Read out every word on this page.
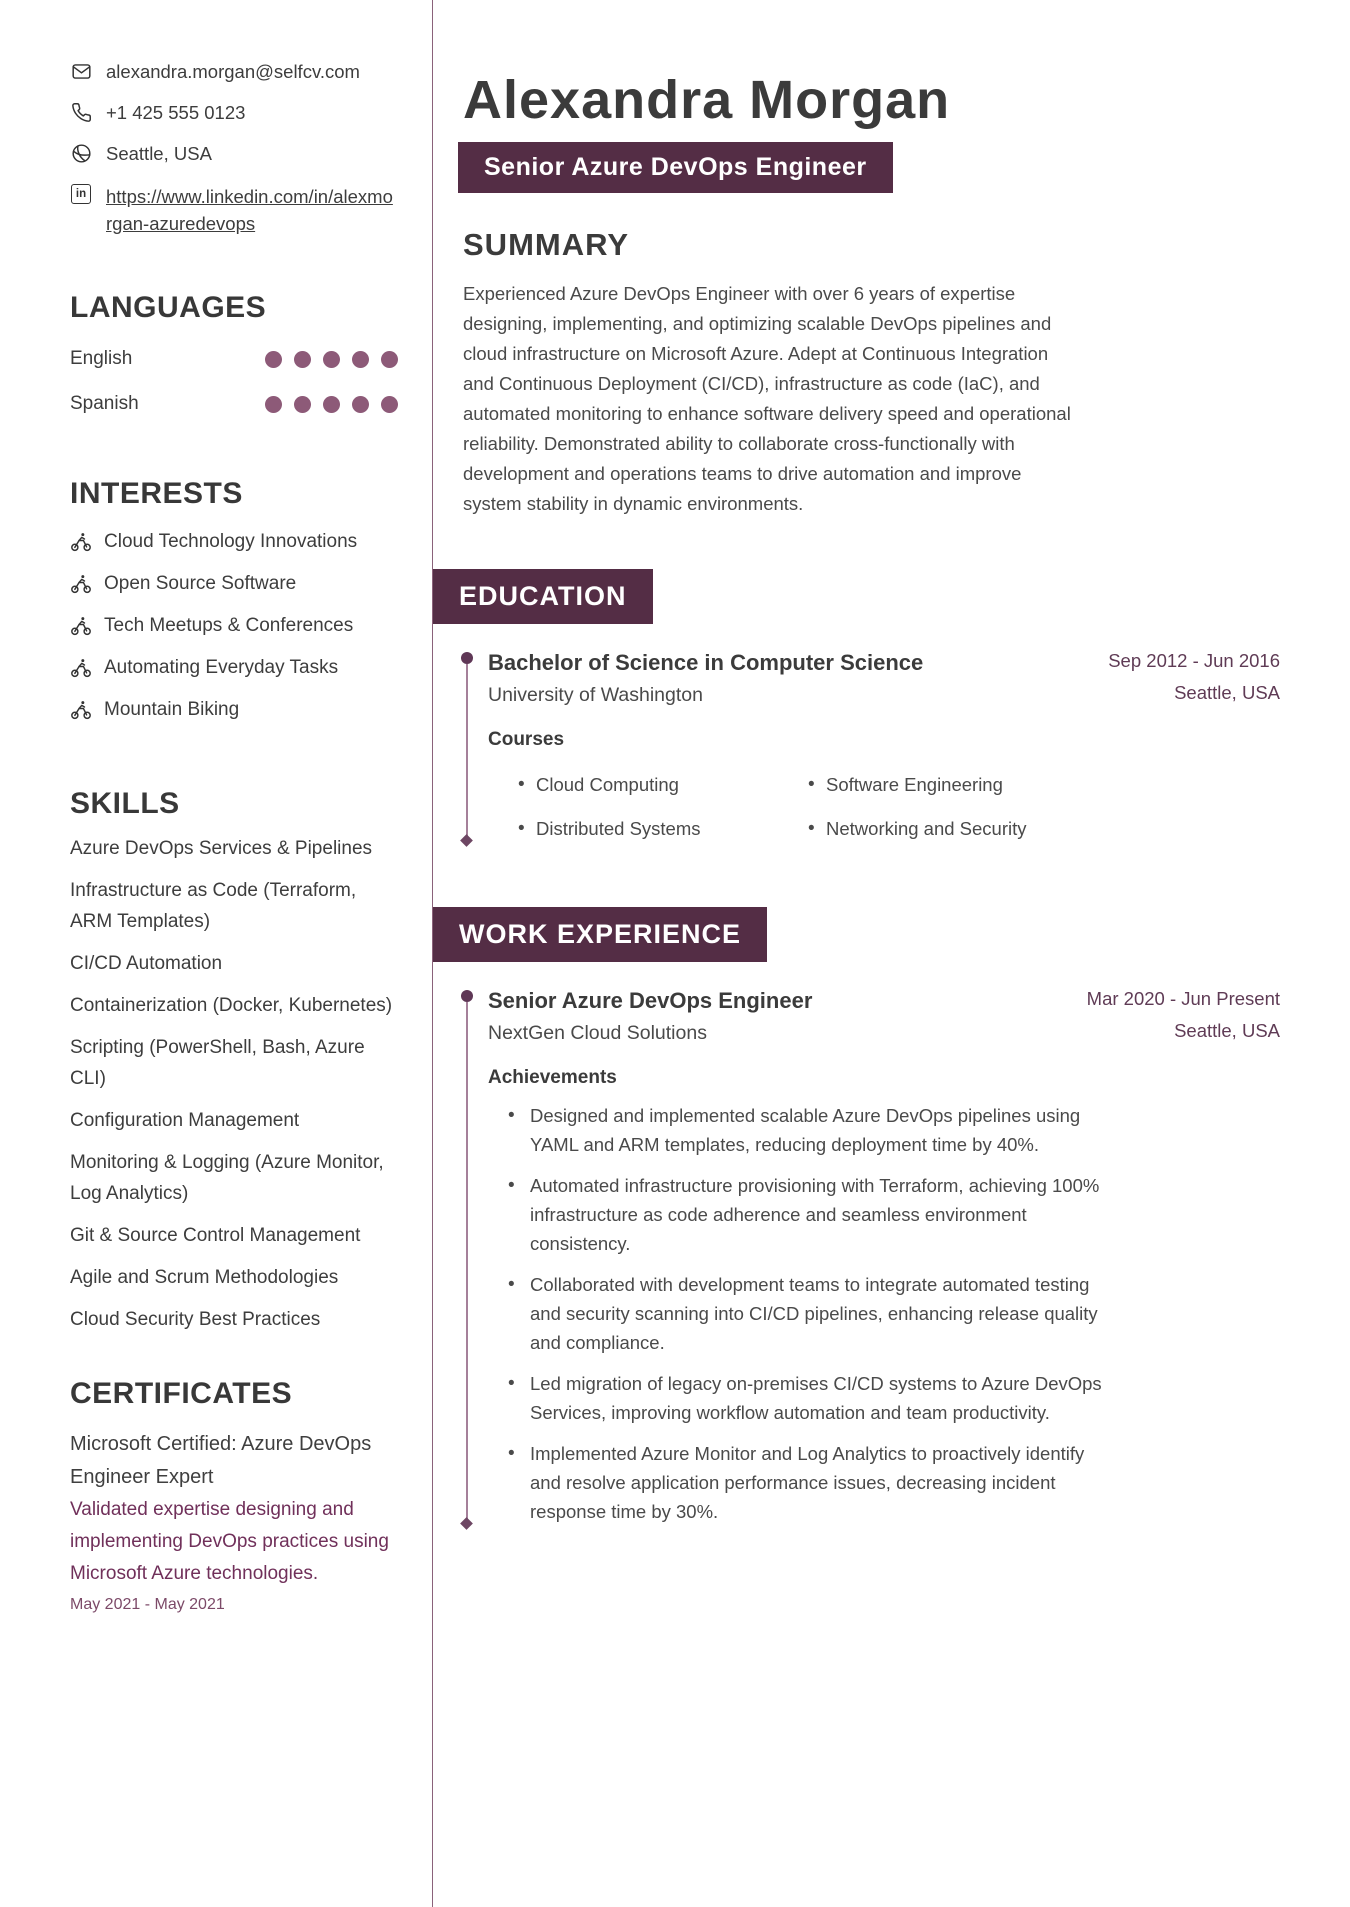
alexandra.morgan@selfcv.com
+1 425 555 0123
Seattle, USA
in https://www.linkedin.com/in/alexmorgan-azuredevops
LANGUAGES
English
Spanish
INTERESTS
Cloud Technology Innovations
Open Source Software
Tech Meetups & Conferences
Automating Everyday Tasks
Mountain Biking
SKILLS
Azure DevOps Services & Pipelines
Infrastructure as Code (Terraform, ARM Templates)
CI/CD Automation
Containerization (Docker, Kubernetes)
Scripting (PowerShell, Bash, Azure CLI)
Configuration Management
Monitoring & Logging (Azure Monitor, Log Analytics)
Git & Source Control Management
Agile and Scrum Methodologies
Cloud Security Best Practices
CERTIFICATES
Microsoft Certified: Azure DevOps Engineer Expert
Validated expertise designing and implementing DevOps practices using Microsoft Azure technologies.
May 2021 - May 2021
Alexandra Morgan
Senior Azure DevOps Engineer
SUMMARY

Experienced Azure DevOps Engineer with over 6 years of expertise designing, implementing, and optimizing scalable DevOps pipelines and cloud infrastructure on Microsoft Azure. Adept at Continuous Integration and Continuous Deployment (CI/CD), infrastructure as code (IaC), and automated monitoring to enhance software delivery speed and operational reliability. Demonstrated ability to collaborate cross-functionally with development and operations teams to drive automation and improve system stability in dynamic environments.

EDUCATION
Bachelor of Science in Computer Science
University of Washington
Sep 2012 - Jun 2016
Seattle, USA
Courses
• Cloud Computing	• Software Engineering
• Distributed Systems	• Networking and Security
WORK EXPERIENCE
Senior Azure DevOps Engineer
NextGen Cloud Solutions
Mar 2020 - Jun Present
Seattle, USA
Achievements
• Designed and implemented scalable Azure DevOps pipelines using YAML and ARM templates, reducing deployment time by 40%.
• Automated infrastructure provisioning with Terraform, achieving 100% infrastructure as code adherence and seamless environment consistency.
• Collaborated with development teams to integrate automated testing and security scanning into CI/CD pipelines, enhancing release quality and compliance.
• Led migration of legacy on-premises CI/CD systems to Azure DevOps Services, improving workflow automation and team productivity.
• Implemented Azure Monitor and Log Analytics to proactively identify and resolve application performance issues, decreasing incident response time by 30%.
